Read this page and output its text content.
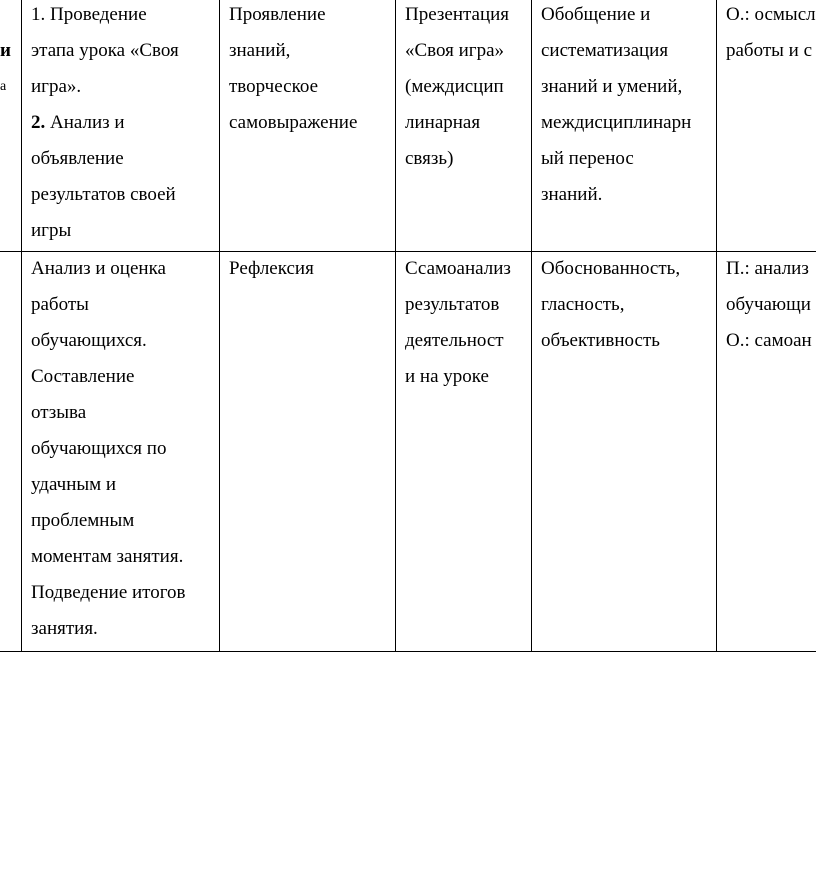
и
а
1. Проведение
этапа урока «Своя
игра».
2. Анализ и
объявление
результатов своей
игры
Проявление
знаний,
творческое
самовыражение
Презентация
«Своя игра»
(междисцип
линарная
связь)
Обобщение и
систематизация
знаний и умений,
междисциплинарн
ый перенос
знаний.
О.: осмысл
работы и с
Анализ и оценка
работы
обучающихся.
Составление
отзыва
обучающихся по
удачным и
проблемным
моментам занятия.
Подведение итогов
занятия.
Рефлексия	Ссамоанализ
результатов
деятельност
и на уроке
Обоснованность,
гласность,
объективность
П.: анализ
обучающи
О.: самоан
